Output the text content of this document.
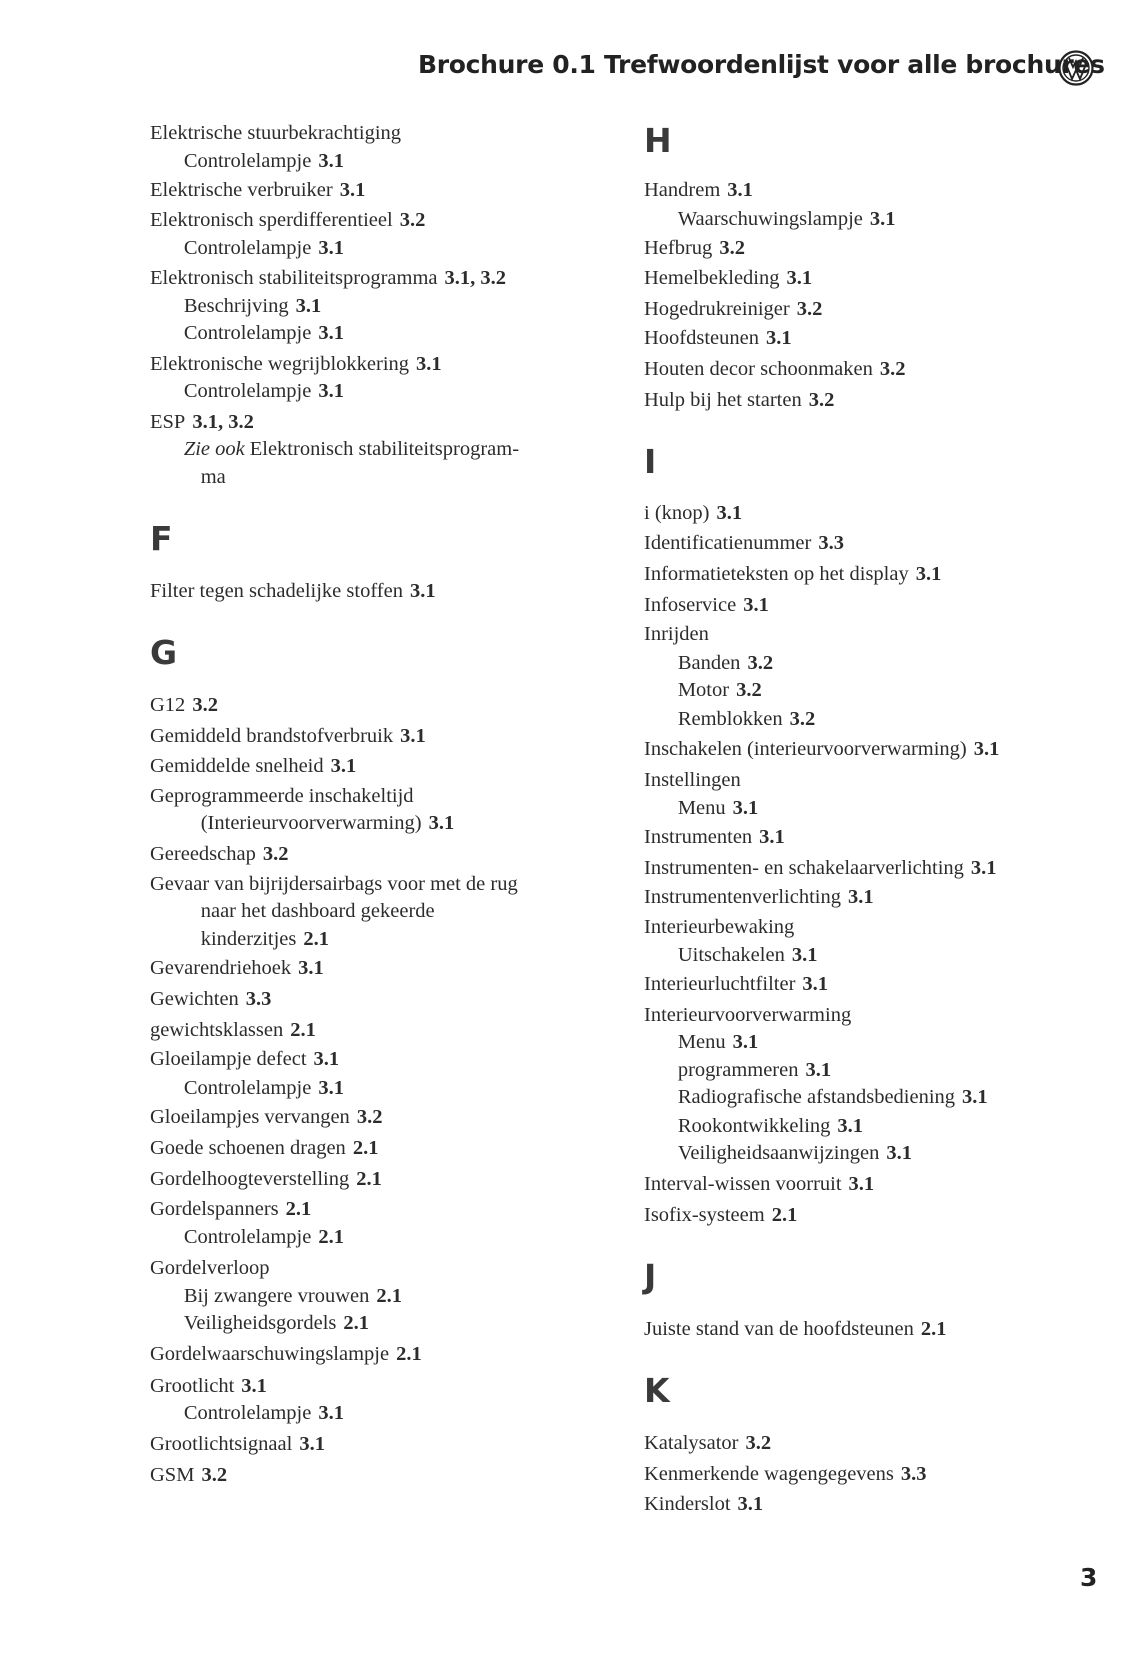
Brochure 0.1 Trefwoordenlijst voor alle brochures
Elektrische stuurbekrachtiging
Controlelampje 3.1
Elektrische verbruiker 3.1
Elektronisch sperdifferentieel 3.2
Controlelampje 3.1
Elektronisch stabiliteitsprogramma 3.1, 3.2
Beschrijving 3.1
Controlelampje 3.1
Elektronische wegrijblokkering 3.1
Controlelampje 3.1
ESP 3.1, 3.2
Zie ook Elektronisch stabiliteitsprogram-
ma
F
Filter tegen schadelijke stoffen 3.1
G
G12 3.2
Gemiddeld brandstofverbruik 3.1
Gemiddelde snelheid 3.1
Geprogrammeerde inschakeltijd
(Interieurvoorverwarming) 3.1
Gereedschap 3.2
Gevaar van bijrijdersairbags voor met de rug
naar het dashboard gekeerde
kinderzitjes 2.1
Gevarendriehoek 3.1
Gewichten 3.3
gewichtsklassen 2.1
Gloeilampje defect 3.1
Controlelampje 3.1
Gloeilampjes vervangen 3.2
Goede schoenen dragen 2.1
Gordelhoogteverstelling 2.1
Gordelspanners 2.1
Controlelampje 2.1
Gordelverloop
Bij zwangere vrouwen 2.1
Veiligheidsgordels 2.1
Gordelwaarschuwingslampje 2.1
Grootlicht 3.1
Controlelampje 3.1
Grootlichtsignaal 3.1
GSM 3.2
H
Handrem 3.1
Waarschuwingslampje 3.1
Hefbrug 3.2
Hemelbekleding 3.1
Hogedrukreiniger 3.2
Hoofdsteunen 3.1
Houten decor schoonmaken 3.2
Hulp bij het starten 3.2
I
i (knop) 3.1
Identificatienummer 3.3
Informatieteksten op het display 3.1
Infoservice 3.1
Inrijden
Banden 3.2
Motor 3.2
Remblokken 3.2
Inschakelen (interieurvoorverwarming) 3.1
Instellingen
Menu 3.1
Instrumenten 3.1
Instrumenten- en schakelaarverlichting 3.1
Instrumentenverlichting 3.1
Interieurbewaking
Uitschakelen 3.1
Interieurluchtfilter 3.1
Interieurvoorverwarming
Menu 3.1
programmeren 3.1
Radiografische afstandsbediening 3.1
Rookontwikkeling 3.1
Veiligheidsaanwijzingen 3.1
Interval-wissen voorruit 3.1
Isofix-systeem 2.1
J
Juiste stand van de hoofdsteunen 2.1
K
Katalysator 3.2
Kenmerkende wagengegevens 3.3
Kinderslot 3.1
3
